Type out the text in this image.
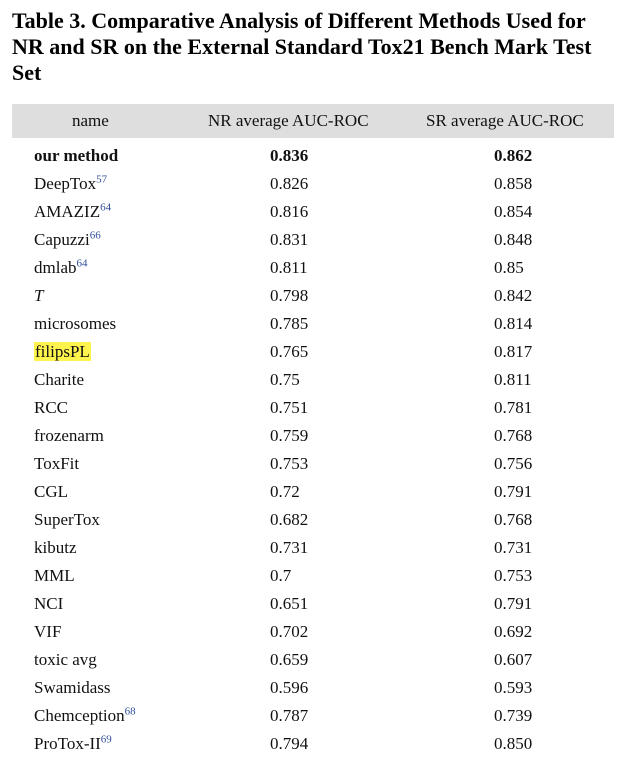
Table 3. Comparative Analysis of Different Methods Used for NR and SR on the External Standard Tox21 Bench Mark Test Set
name	NR average AUC-ROC	SR average AUC-ROC
our method	0.836	0.862
DeepTox$^{57}$	0.826	0.858
AMAZIZ$^{64}$	0.816	0.854
Capuzzi$^{66}$	0.831	0.848
dmlab$^{64}$	0.811	0.85
T	0.798	0.842
microsomes	0.785	0.814
filipsPL	0.765	0.817
Charite	0.75	0.811
RCC	0.751	0.781
frozenarm	0.759	0.768
ToxFit	0.753	0.756
CGL	0.72	0.791
SuperTox	0.682	0.768
kibutz	0.731	0.731
MML	0.7	0.753
NCI	0.651	0.791
VIF	0.702	0.692
toxic avg	0.659	0.607
Swamidass	0.596	0.593
Chemception$^{68}$	0.787	0.739
ProTox-II$^{69}$	0.794	0.850
